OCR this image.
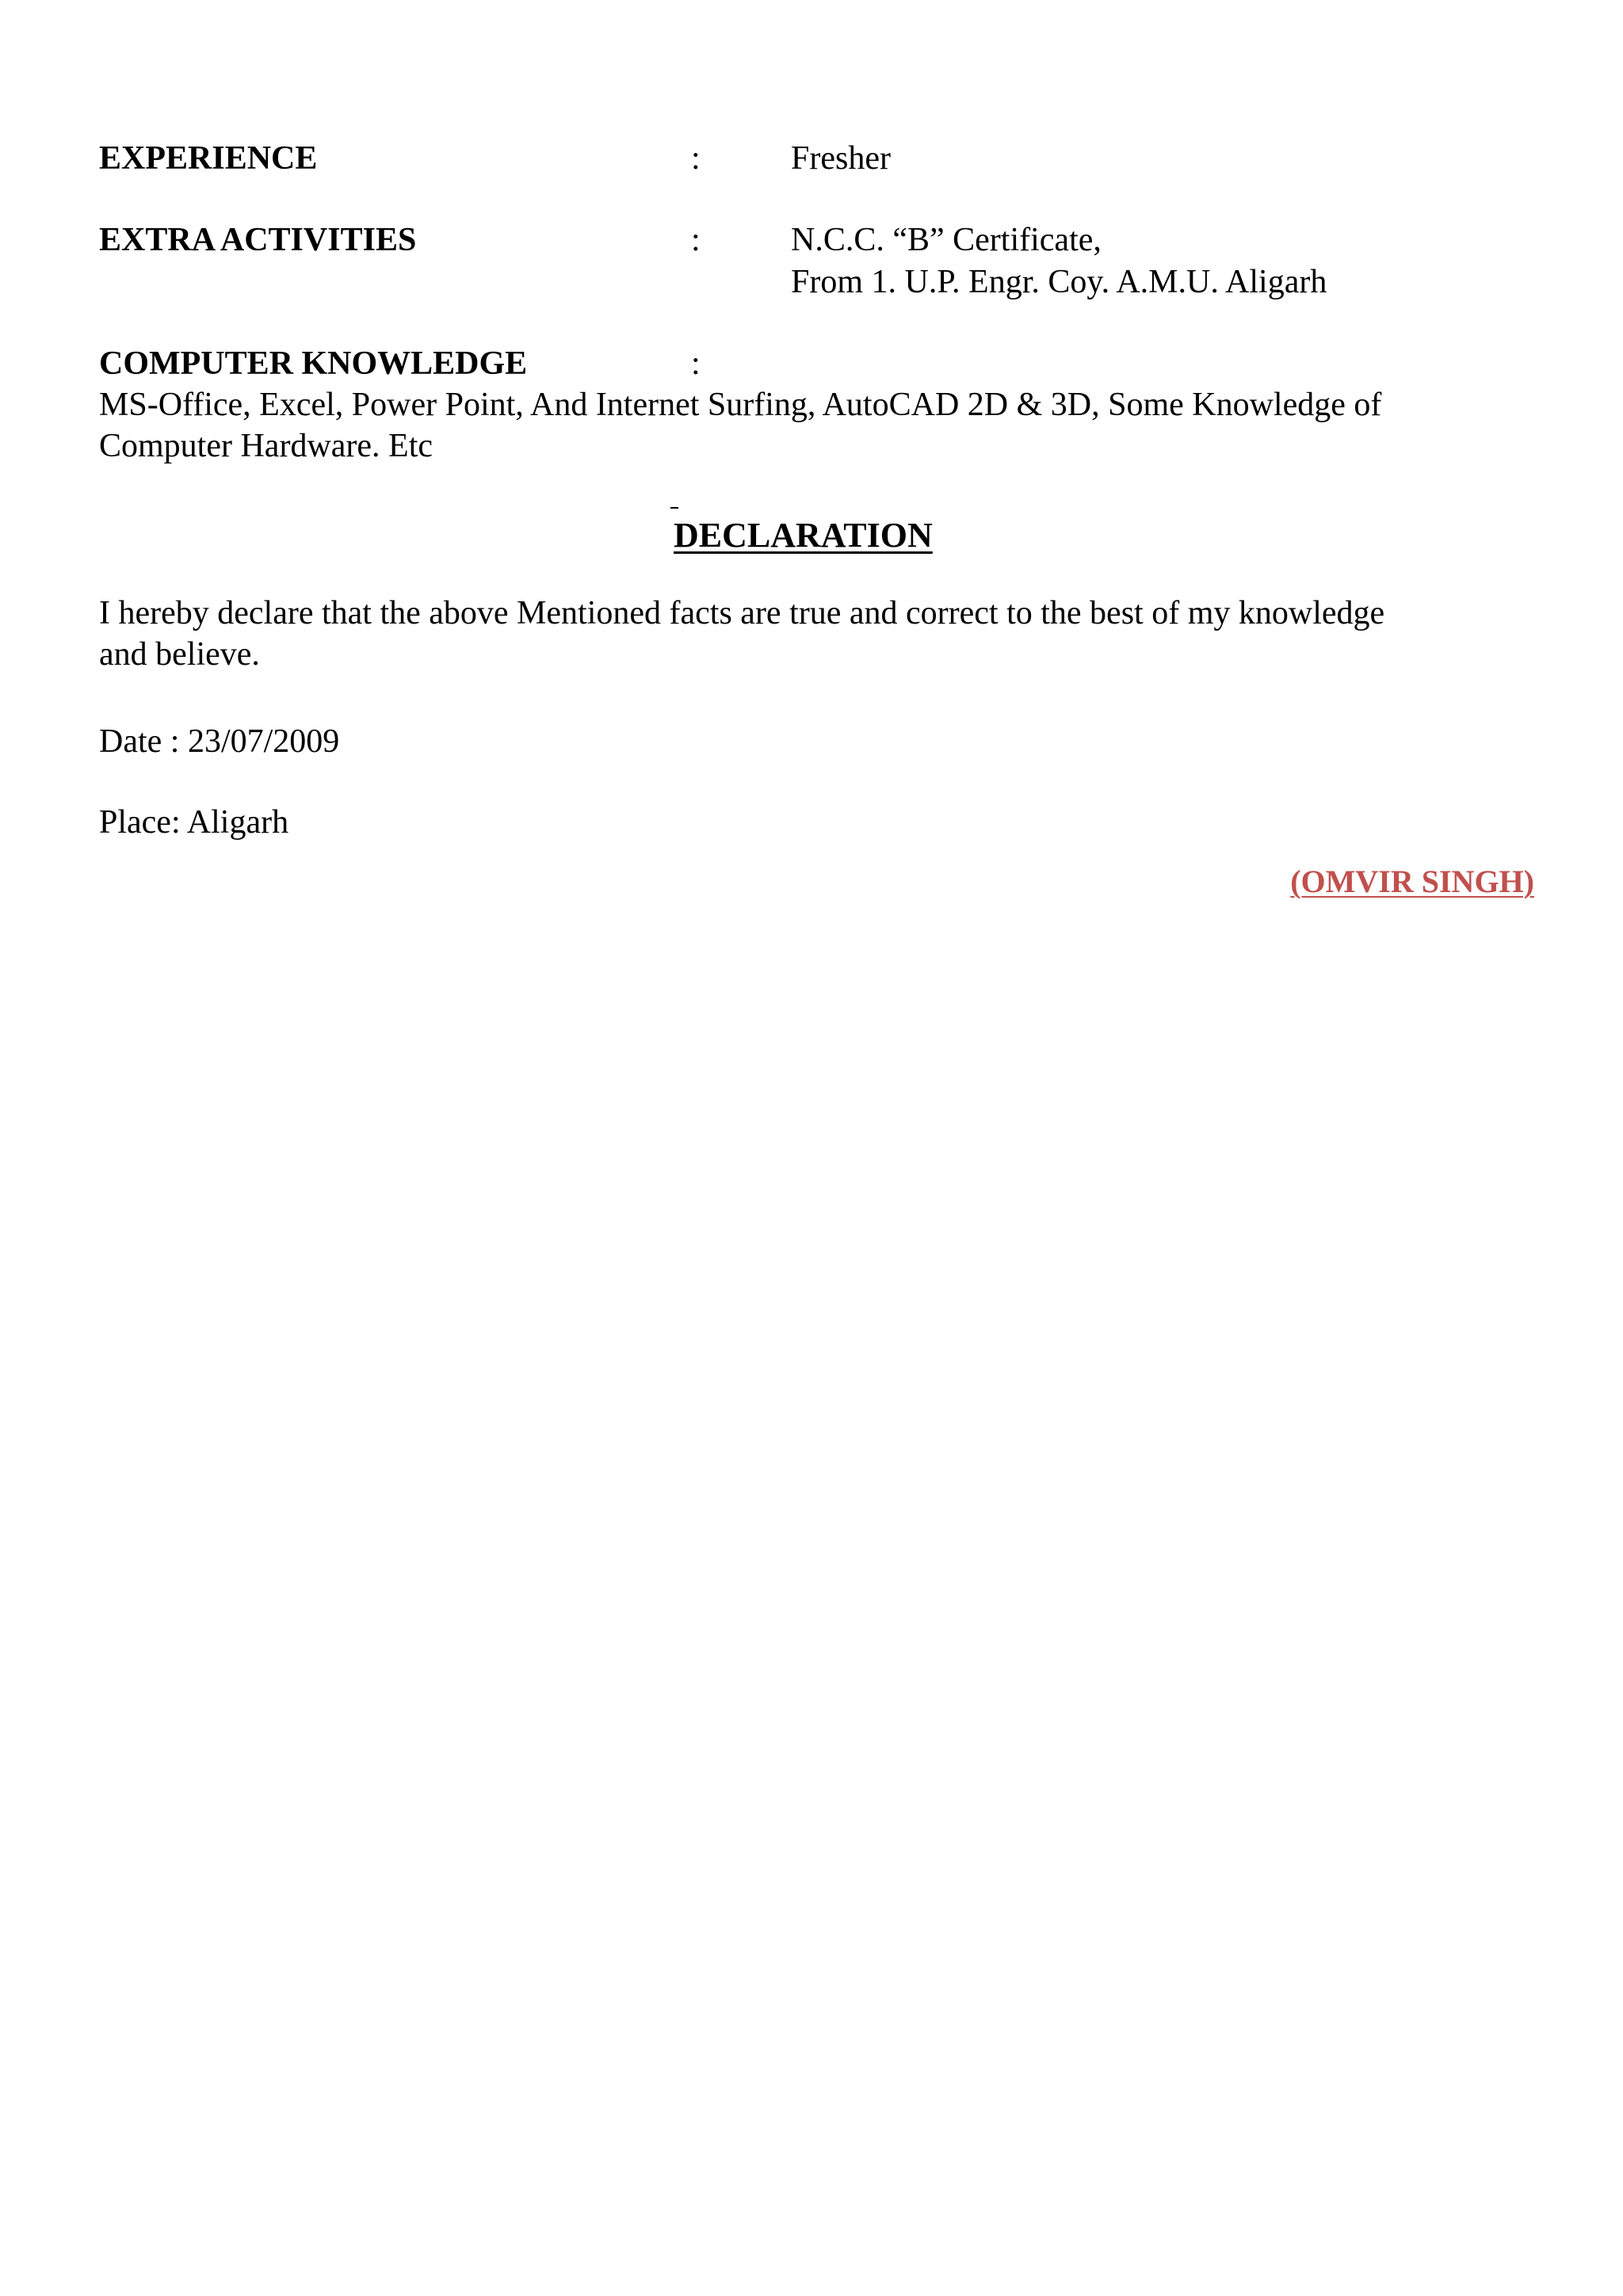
EXPERIENCE	:	Fresher
EXTRA ACTIVITIES	:	N.C.C. “B” Certificate,
From 1. U.P. Engr. Coy. A.M.U. Aligarh
COMPUTER KNOWLEDGE	:
MS-Office, Excel, Power Point, And Internet Surfing, AutoCAD 2D & 3D, Some Knowledge of
Computer Hardware. Etc
DECLARATION
I hereby declare that the above Mentioned facts are true and correct to the best of my knowledge
and believe.
Date : 23/07/2009
Place: Aligarh
(OMVIR SINGH)
